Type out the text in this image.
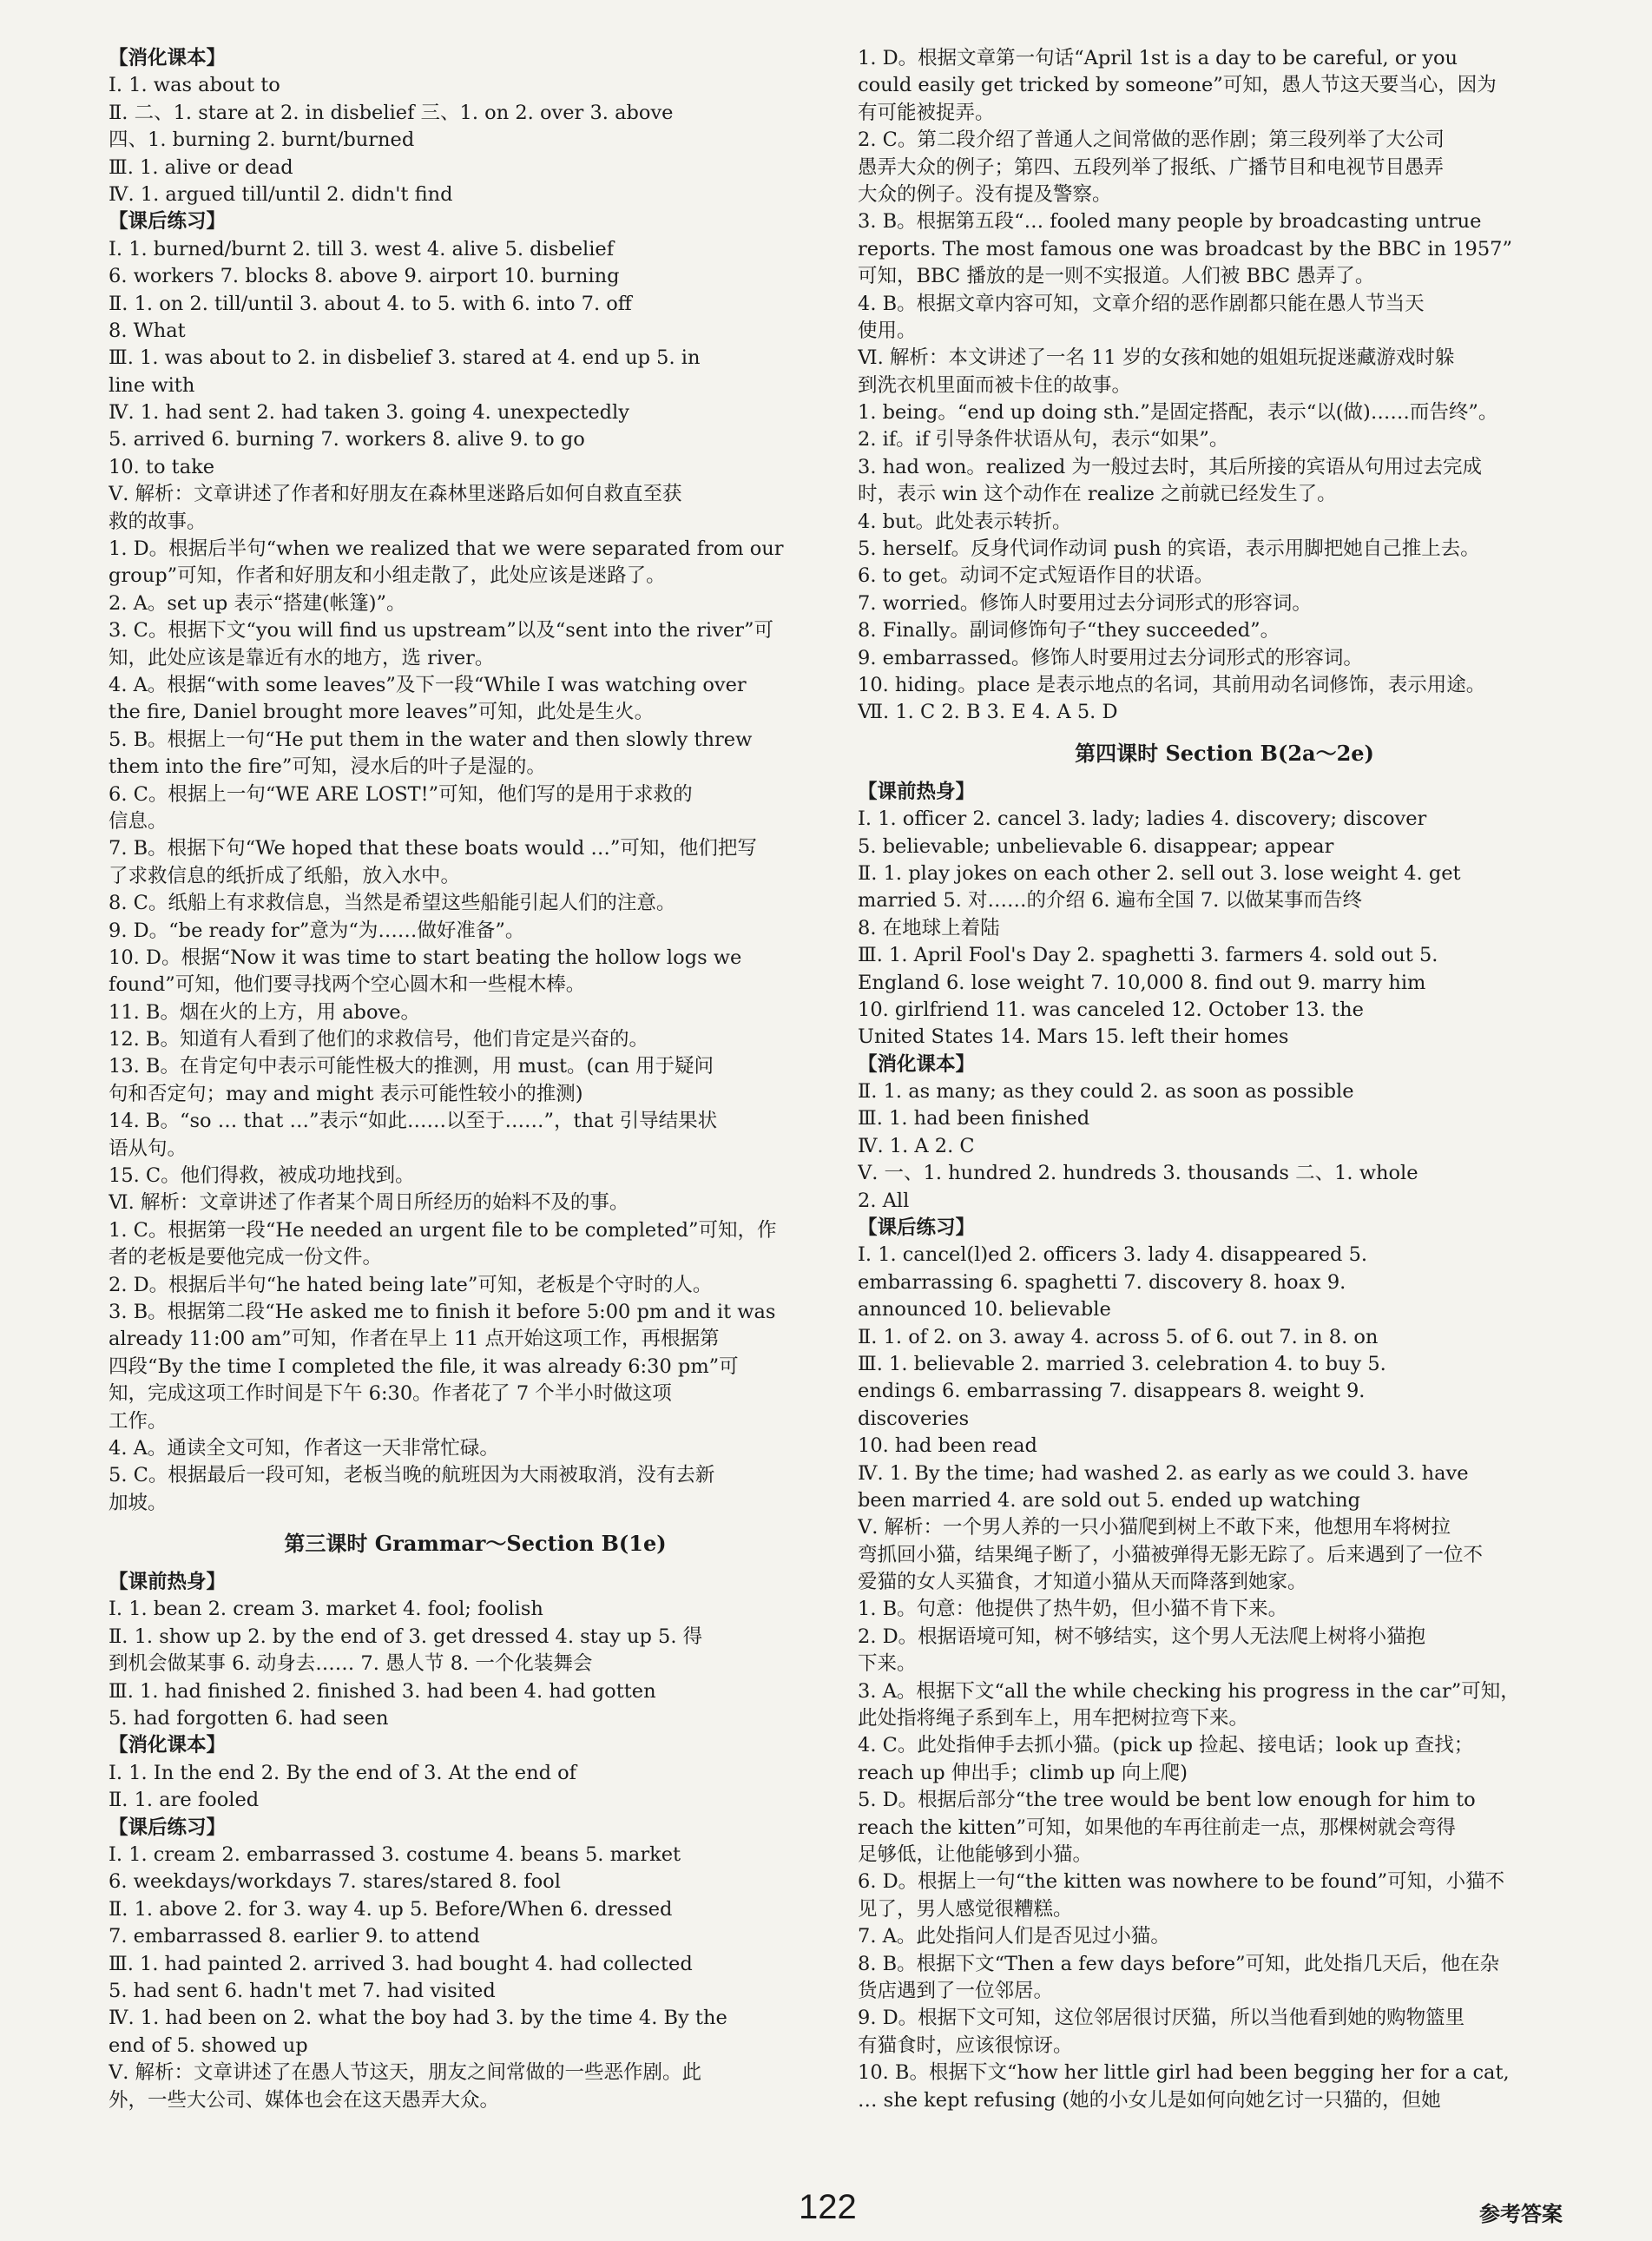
【消化课本】
Ⅰ. 1. was about to
Ⅱ. 二、1. stare at 2. in disbelief 三、1. on 2. over 3. above
四、1. burning 2. burnt/burned
Ⅲ. 1. alive or dead
Ⅳ. 1. argued till/until 2. didn't find
【课后练习】
Ⅰ. 1. burned/burnt 2. till 3. west 4. alive 5. disbelief
6. workers 7. blocks 8. above 9. airport 10. burning
Ⅱ. 1. on 2. till/until 3. about 4. to 5. with 6. into 7. off
8. What
Ⅲ. 1. was about to 2. in disbelief 3. stared at 4. end up 5. in
line with
Ⅳ. 1. had sent 2. had taken 3. going 4. unexpectedly
5. arrived 6. burning 7. workers 8. alive 9. to go
10. to take
Ⅴ. 解析：文章讲述了作者和好朋友在森林里迷路后如何自救直至获
救的故事。
1. D。根据后半句“when we realized that we were separated from our
group”可知，作者和好朋友和小组走散了，此处应该是迷路了。
2. A。set up 表示“搭建(帐篷)”。
3. C。根据下文“you will find us upstream”以及“sent into the river”可
知，此处应该是靠近有水的地方，选 river。
4. A。根据“with some leaves”及下一段“While I was watching over
the fire, Daniel brought more leaves”可知，此处是生火。
5. B。根据上一句“He put them in the water and then slowly threw
them into the fire”可知，浸水后的叶子是湿的。
6. C。根据上一句“WE ARE LOST!”可知，他们写的是用于求救的
信息。
7. B。根据下句“We hoped that these boats would …”可知，他们把写
了求救信息的纸折成了纸船，放入水中。
8. C。纸船上有求救信息，当然是希望这些船能引起人们的注意。
9. D。“be ready for”意为“为……做好准备”。
10. D。根据“Now it was time to start beating the hollow logs we
found”可知，他们要寻找两个空心圆木和一些棍木棒。
11. B。烟在火的上方，用 above。
12. B。知道有人看到了他们的求救信号，他们肯定是兴奋的。
13. B。在肯定句中表示可能性极大的推测，用 must。(can 用于疑问
句和否定句；may and might 表示可能性较小的推测)
14. B。“so … that …”表示“如此……以至于……”，that 引导结果状
语从句。
15. C。他们得救，被成功地找到。
Ⅵ. 解析：文章讲述了作者某个周日所经历的始料不及的事。
1. C。根据第一段“He needed an urgent file to be completed”可知，作
者的老板是要他完成一份文件。
2. D。根据后半句“he hated being late”可知，老板是个守时的人。
3. B。根据第二段“He asked me to finish it before 5:00 pm and it was
already 11:00 am”可知，作者在早上 11 点开始这项工作，再根据第
四段“By the time I completed the file, it was already 6:30 pm”可
知，完成这项工作时间是下午 6:30。作者花了 7 个半小时做这项
工作。
4. A。通读全文可知，作者这一天非常忙碌。
5. C。根据最后一段可知，老板当晚的航班因为大雨被取消，没有去新
加坡。
第三课时 Grammar～Section B(1e)
【课前热身】
Ⅰ. 1. bean 2. cream 3. market 4. fool; foolish
Ⅱ. 1. show up 2. by the end of 3. get dressed 4. stay up 5. 得
到机会做某事 6. 动身去…… 7. 愚人节 8. 一个化装舞会
Ⅲ. 1. had finished 2. finished 3. had been 4. had gotten
5. had forgotten 6. had seen
【消化课本】
Ⅰ. 1. In the end 2. By the end of 3. At the end of
Ⅱ. 1. are fooled
【课后练习】
Ⅰ. 1. cream 2. embarrassed 3. costume 4. beans 5. market
6. weekdays/workdays 7. stares/stared 8. fool
Ⅱ. 1. above 2. for 3. way 4. up 5. Before/When 6. dressed
7. embarrassed 8. earlier 9. to attend
Ⅲ. 1. had painted 2. arrived 3. had bought 4. had collected
5. had sent 6. hadn't met 7. had visited
Ⅳ. 1. had been on 2. what the boy had 3. by the time 4. By the
end of 5. showed up
Ⅴ. 解析：文章讲述了在愚人节这天，朋友之间常做的一些恶作剧。此
外，一些大公司、媒体也会在这天愚弄大众。
1. D。根据文章第一句话“April 1st is a day to be careful, or you
could easily get tricked by someone”可知，愚人节这天要当心，因为
有可能被捉弄。
2. C。第二段介绍了普通人之间常做的恶作剧；第三段列举了大公司
愚弄大众的例子；第四、五段列举了报纸、广播节目和电视节目愚弄
大众的例子。没有提及警察。
3. B。根据第五段“… fooled many people by broadcasting untrue
reports. The most famous one was broadcast by the BBC in 1957”
可知，BBC 播放的是一则不实报道。人们被 BBC 愚弄了。
4. B。根据文章内容可知，文章介绍的恶作剧都只能在愚人节当天
使用。
Ⅵ. 解析：本文讲述了一名 11 岁的女孩和她的姐姐玩捉迷藏游戏时躲
到洗衣机里面而被卡住的故事。
1. being。“end up doing sth.”是固定搭配，表示“以(做)……而告终”。
2. if。if 引导条件状语从句，表示“如果”。
3. had won。realized 为一般过去时，其后所接的宾语从句用过去完成
时，表示 win 这个动作在 realize 之前就已经发生了。
4. but。此处表示转折。
5. herself。反身代词作动词 push 的宾语，表示用脚把她自己推上去。
6. to get。动词不定式短语作目的状语。
7. worried。修饰人时要用过去分词形式的形容词。
8. Finally。副词修饰句子“they succeeded”。
9. embarrassed。修饰人时要用过去分词形式的形容词。
10. hiding。place 是表示地点的名词，其前用动名词修饰，表示用途。
Ⅶ. 1. C 2. B 3. E 4. A 5. D
第四课时 Section B(2a～2e)
【课前热身】
Ⅰ. 1. officer 2. cancel 3. lady; ladies 4. discovery; discover
5. believable; unbelievable 6. disappear; appear
Ⅱ. 1. play jokes on each other 2. sell out 3. lose weight 4. get
married 5. 对……的介绍 6. 遍布全国 7. 以做某事而告终
8. 在地球上着陆
Ⅲ. 1. April Fool's Day 2. spaghetti 3. farmers 4. sold out 5.
England 6. lose weight 7. 10,000 8. find out 9. marry him
10. girlfriend 11. was canceled 12. October 13. the
United States 14. Mars 15. left their homes
【消化课本】
Ⅱ. 1. as many; as they could 2. as soon as possible
Ⅲ. 1. had been finished
Ⅳ. 1. A 2. C
Ⅴ. 一、1. hundred 2. hundreds 3. thousands 二、1. whole
2. All
【课后练习】
Ⅰ. 1. cancel(l)ed 2. officers 3. lady 4. disappeared 5.
embarrassing 6. spaghetti 7. discovery 8. hoax 9.
announced 10. believable
Ⅱ. 1. of 2. on 3. away 4. across 5. of 6. out 7. in 8. on
Ⅲ. 1. believable 2. married 3. celebration 4. to buy 5.
endings 6. embarrassing 7. disappears 8. weight 9.
discoveries
10. had been read
Ⅳ. 1. By the time; had washed 2. as early as we could 3. have
been married 4. are sold out 5. ended up watching
Ⅴ. 解析：一个男人养的一只小猫爬到树上不敢下来，他想用车将树拉
弯抓回小猫，结果绳子断了，小猫被弹得无影无踪了。后来遇到了一位不
爱猫的女人买猫食，才知道小猫从天而降落到她家。
1. B。句意：他提供了热牛奶，但小猫不肯下来。
2. D。根据语境可知，树不够结实，这个男人无法爬上树将小猫抱
下来。
3. A。根据下文“all the while checking his progress in the car”可知，
此处指将绳子系到车上，用车把树拉弯下来。
4. C。此处指伸手去抓小猫。(pick up 捡起、接电话；look up 查找；
reach up 伸出手；climb up 向上爬)
5. D。根据后部分“the tree would be bent low enough for him to
reach the kitten”可知，如果他的车再往前走一点，那棵树就会弯得
足够低，让他能够到小猫。
6. D。根据上一句“the kitten was nowhere to be found”可知，小猫不
见了，男人感觉很糟糕。
7. A。此处指问人们是否见过小猫。
8. B。根据下文“Then a few days before”可知，此处指几天后，他在杂
货店遇到了一位邻居。
9. D。根据下文可知，这位邻居很讨厌猫，所以当他看到她的购物篮里
有猫食时，应该很惊讶。
10. B。根据下文“how her little girl had been begging her for a cat,
… she kept refusing (她的小女儿是如何向她乞讨一只猫的，但她
122	参考答案
